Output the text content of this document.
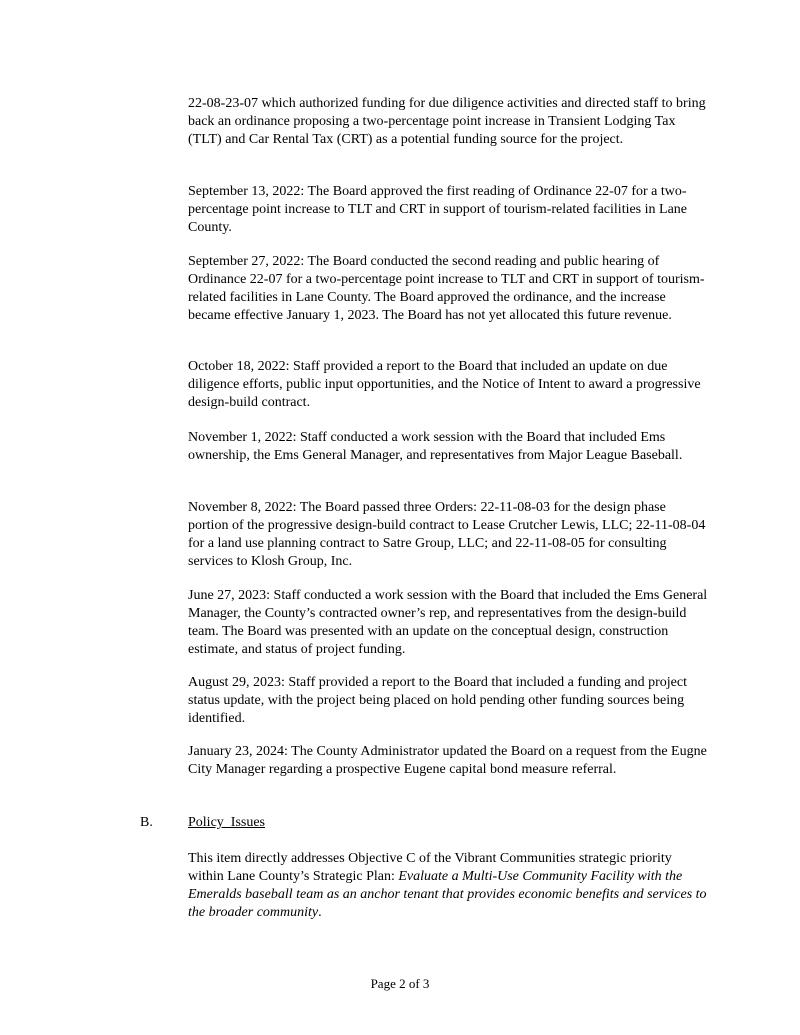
22-08-23-07 which authorized funding for due diligence activities and directed staff to bring back an ordinance proposing a two-percentage point increase in Transient Lodging Tax (TLT) and Car Rental Tax (CRT) as a potential funding source for the project.

September 13, 2022: The Board approved the first reading of Ordinance 22-07 for a two-percentage point increase to TLT and CRT in support of tourism-related facilities in Lane County.

September 27, 2022: The Board conducted the second reading and public hearing of Ordinance 22-07 for a two-percentage point increase to TLT and CRT in support of tourism-related facilities in Lane County. The Board approved the ordinance, and the increase became effective January 1, 2023. The Board has not yet allocated this future revenue.

October 18, 2022: Staff provided a report to the Board that included an update on due diligence efforts, public input opportunities, and the Notice of Intent to award a progressive design-build contract.

November 1, 2022: Staff conducted a work session with the Board that included Ems ownership, the Ems General Manager, and representatives from Major League Baseball.

November 8, 2022: The Board passed three Orders: 22-11-08-03 for the design phase portion of the progressive design-build contract to Lease Crutcher Lewis, LLC; 22-11-08-04 for a land use planning contract to Satre Group, LLC; and 22-11-08-05 for consulting services to Klosh Group, Inc.

June 27, 2023: Staff conducted a work session with the Board that included the Ems General Manager, the County’s contracted owner’s rep, and representatives from the design-build team. The Board was presented with an update on the conceptual design, construction estimate, and status of project funding.

August 29, 2023: Staff provided a report to the Board that included a funding and project status update, with the project being placed on hold pending other funding sources being identified.

January 23, 2024: The County Administrator updated the Board on a request from the Eugne City Manager regarding a prospective Eugene capital bond measure referral.

B.	Policy  Issues

This item directly addresses Objective C of the Vibrant Communities strategic priority within Lane County’s Strategic Plan: Evaluate a Multi-Use Community Facility with the Emeralds baseball team as an anchor tenant that provides economic benefits and services to the broader community.

Page 2 of 3
